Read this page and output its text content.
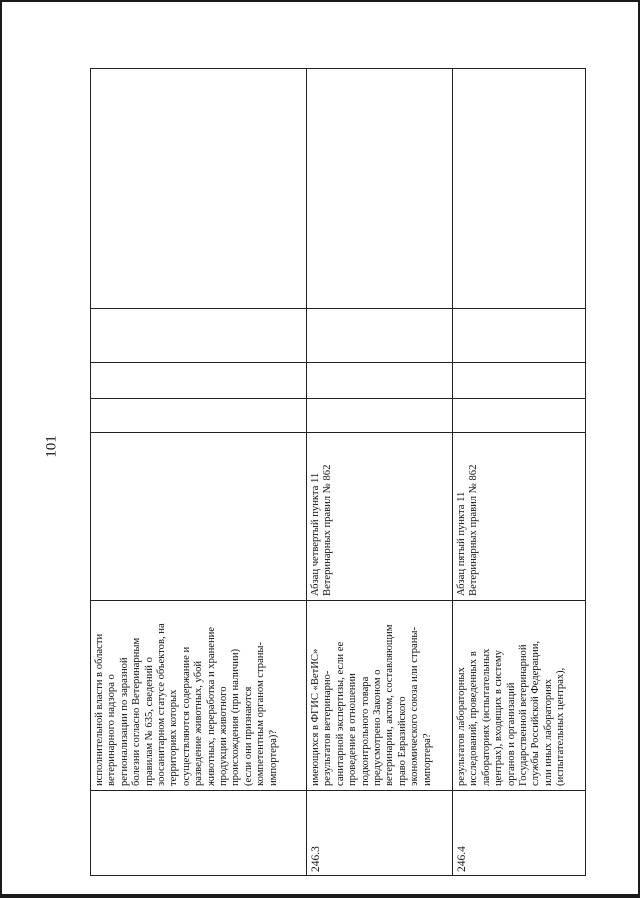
101
исполнительной власти в области ветеринарного надзора о регионализации по заразной болезни согласно Ветеринарным правилам № 635, сведений о зоосанитарном статусе объектов, на территориях которых осуществляются содержание и разведение животных, убой животных, переработка и хранение продукции животного происхождения (при наличии) (если они признаются компетентным органом страны- импортера)?
246.3
имеющихся в ФГИС «ВетИС» результатов ветеринарно- санитарной экспертизы, если ее проведение в отношении подконтрольного товара предусмотрено Законом о ветеринарии, актом, составляющим право Евразийского экономического союза или страны- импортера?
Абзац четвертый пункта 11 Ветеринарных правил № 862
246.4
результатов лабораторных исследований, проведенных в лабораториях (испытательных центрах), входящих в систему органов и организаций Государственной ветеринарной службы Российской Федерации, или иных лабораториях (испытательных центрах),
Абзац пятый пункта 11 Ветеринарных правил № 862
